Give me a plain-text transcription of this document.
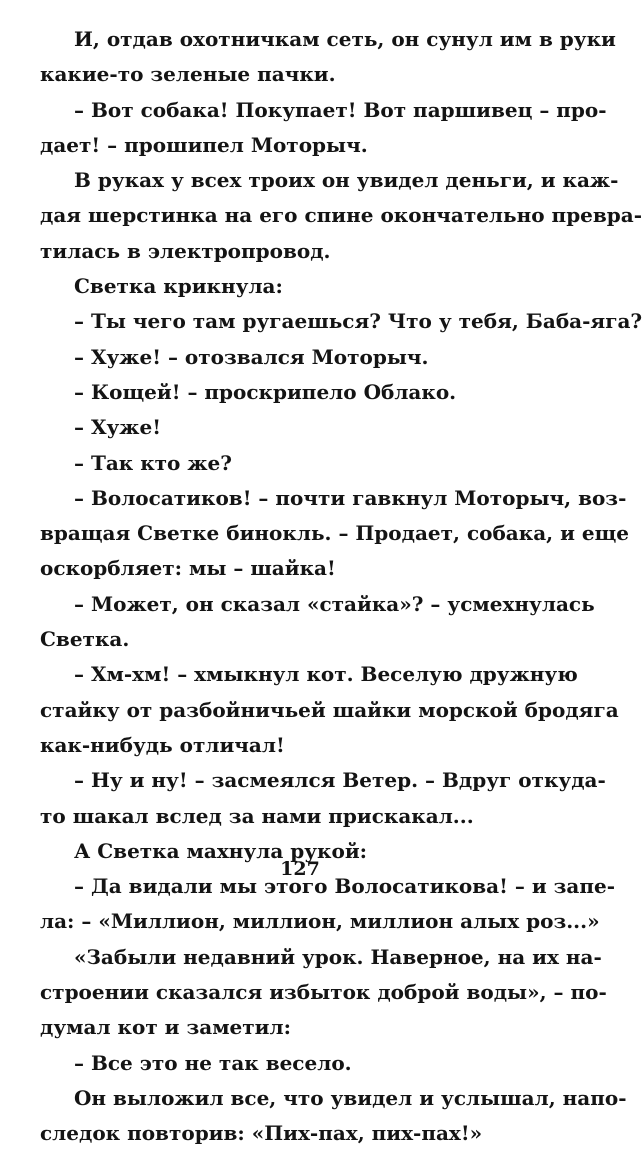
И, отдав охотничкам сеть, он сунул им в руки
какие-то зеленые пачки.
– Вот собака! Покупает! Вот паршивец – про-
дает! – прошипел Моторыч.
В руках у всех троих он увидел деньги, и каж-
дая шерстинка на его спине окончательно превра-
тилась в электропровод.
Светка крикнула:
– Ты чего там ругаешься? Что у тебя, Баба-яга?
– Хуже! – отозвался Моторыч.
– Кощей! – проскрипело Облако.
– Хуже!
– Так кто же?
– Волосатиков! – почти гавкнул Моторыч, воз-
вращая Светке бинокль. – Продает, собака, и еще
оскорбляет: мы – шайка!
– Может, он сказал «стайка»? – усмехнулась
Светка.
– Хм-хм! – хмыкнул кот. Веселую дружную
стайку от разбойничьей шайки морской бродяга
как-нибудь отличал!
– Ну и ну! – засмеялся Ветер. – Вдруг откуда-
то шакал вслед за нами прискакал...
А Светка махнула рукой:
– Да видали мы этого Волосатикова! – и запе-
ла: – «Миллион, миллион, миллион алых роз...»
«Забыли недавний урок. Наверное, на их на-
строении сказался избыток доброй воды», – по-
думал кот и заметил:
– Все это не так весело.
Он выложил все, что увидел и услышал, напо-
следок повторив: «Пих-пах, пих-пах!»
127
